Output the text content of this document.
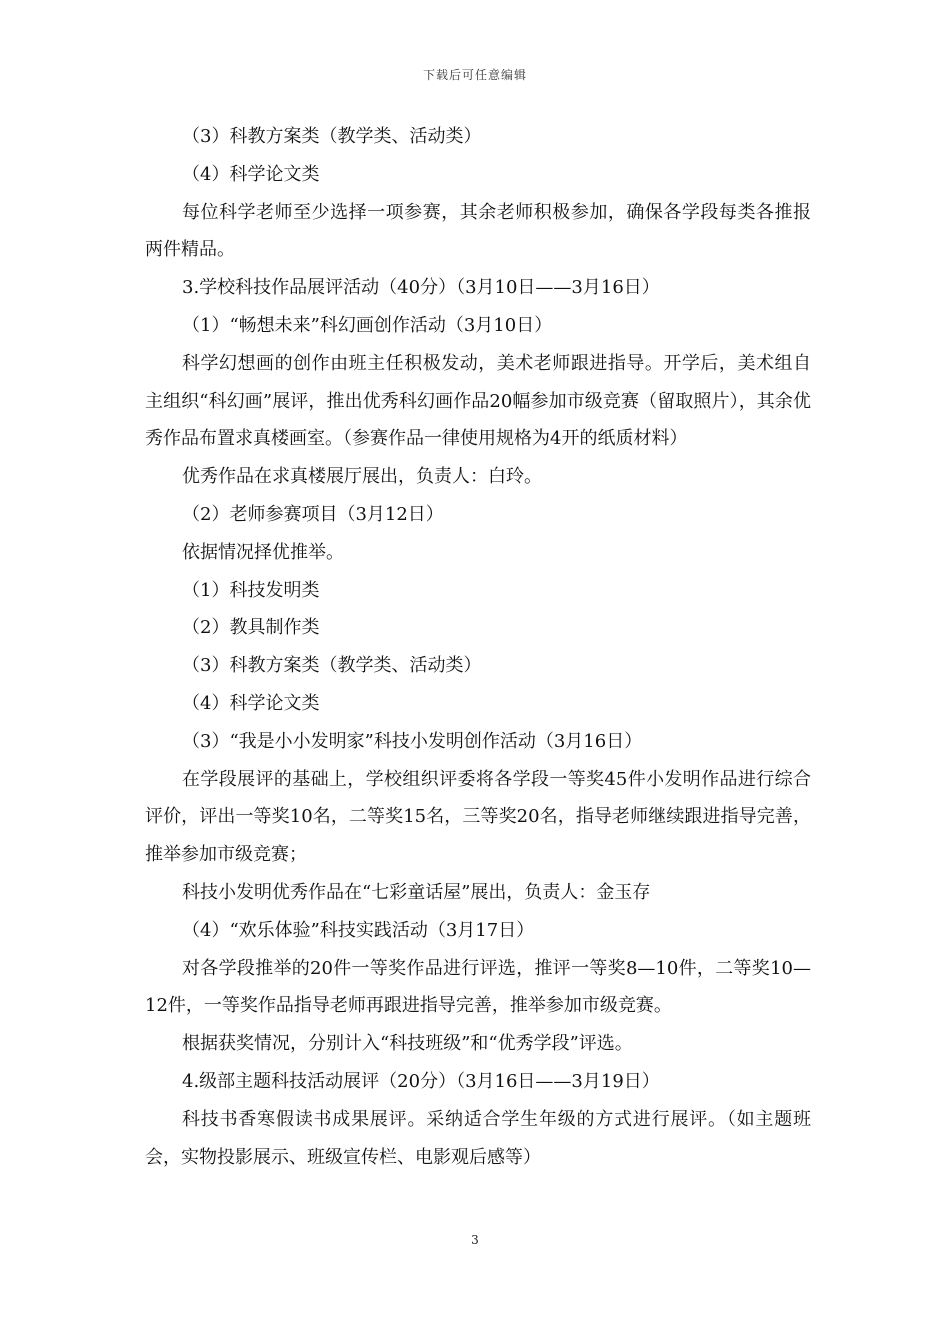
下载后可任意编辑

（3）科教方案类（教学类、活动类）

（4）科学论文类

每位科学老师至少选择一项参赛，其余老师积极参加，确保各学段每类各推报两件精品。

3.学校科技作品展评活动（40分）（3月10日——3月16日）

（1）“畅想未来”科幻画创作活动（3月10日）

科学幻想画的创作由班主任积极发动，美术老师跟进指导。开学后，美术组自主组织“科幻画”展评，推出优秀科幻画作品20幅参加市级竞赛（留取照片），其余优秀作品布置求真楼画室。（参赛作品一律使用规格为4开的纸质材料）

优秀作品在求真楼展厅展出，负责人：白玲。

（2）老师参赛项目（3月12日）

依据情况择优推举。

（1）科技发明类

（2）教具制作类

（3）科教方案类（教学类、活动类）

（4）科学论文类

（3）“我是小小发明家”科技小发明创作活动（3月16日）

在学段展评的基础上，学校组织评委将各学段一等奖45件小发明作品进行综合评价，评出一等奖10名，二等奖15名，三等奖20名，指导老师继续跟进指导完善，推举参加市级竞赛；

科技小发明优秀作品在“七彩童话屋”展出，负责人：金玉存

（4）“欢乐体验”科技实践活动（3月17日）

对各学段推举的20件一等奖作品进行评选，推评一等奖8—10件，二等奖10—12件，一等奖作品指导老师再跟进指导完善，推举参加市级竞赛。

根据获奖情况，分别计入“科技班级”和“优秀学段”评选。

4.级部主题科技活动展评（20分）（3月16日——3月19日）

科技书香寒假读书成果展评。采纳适合学生年级的方式进行展评。（如主题班会，实物投影展示、班级宣传栏、电影观后感等）

3
